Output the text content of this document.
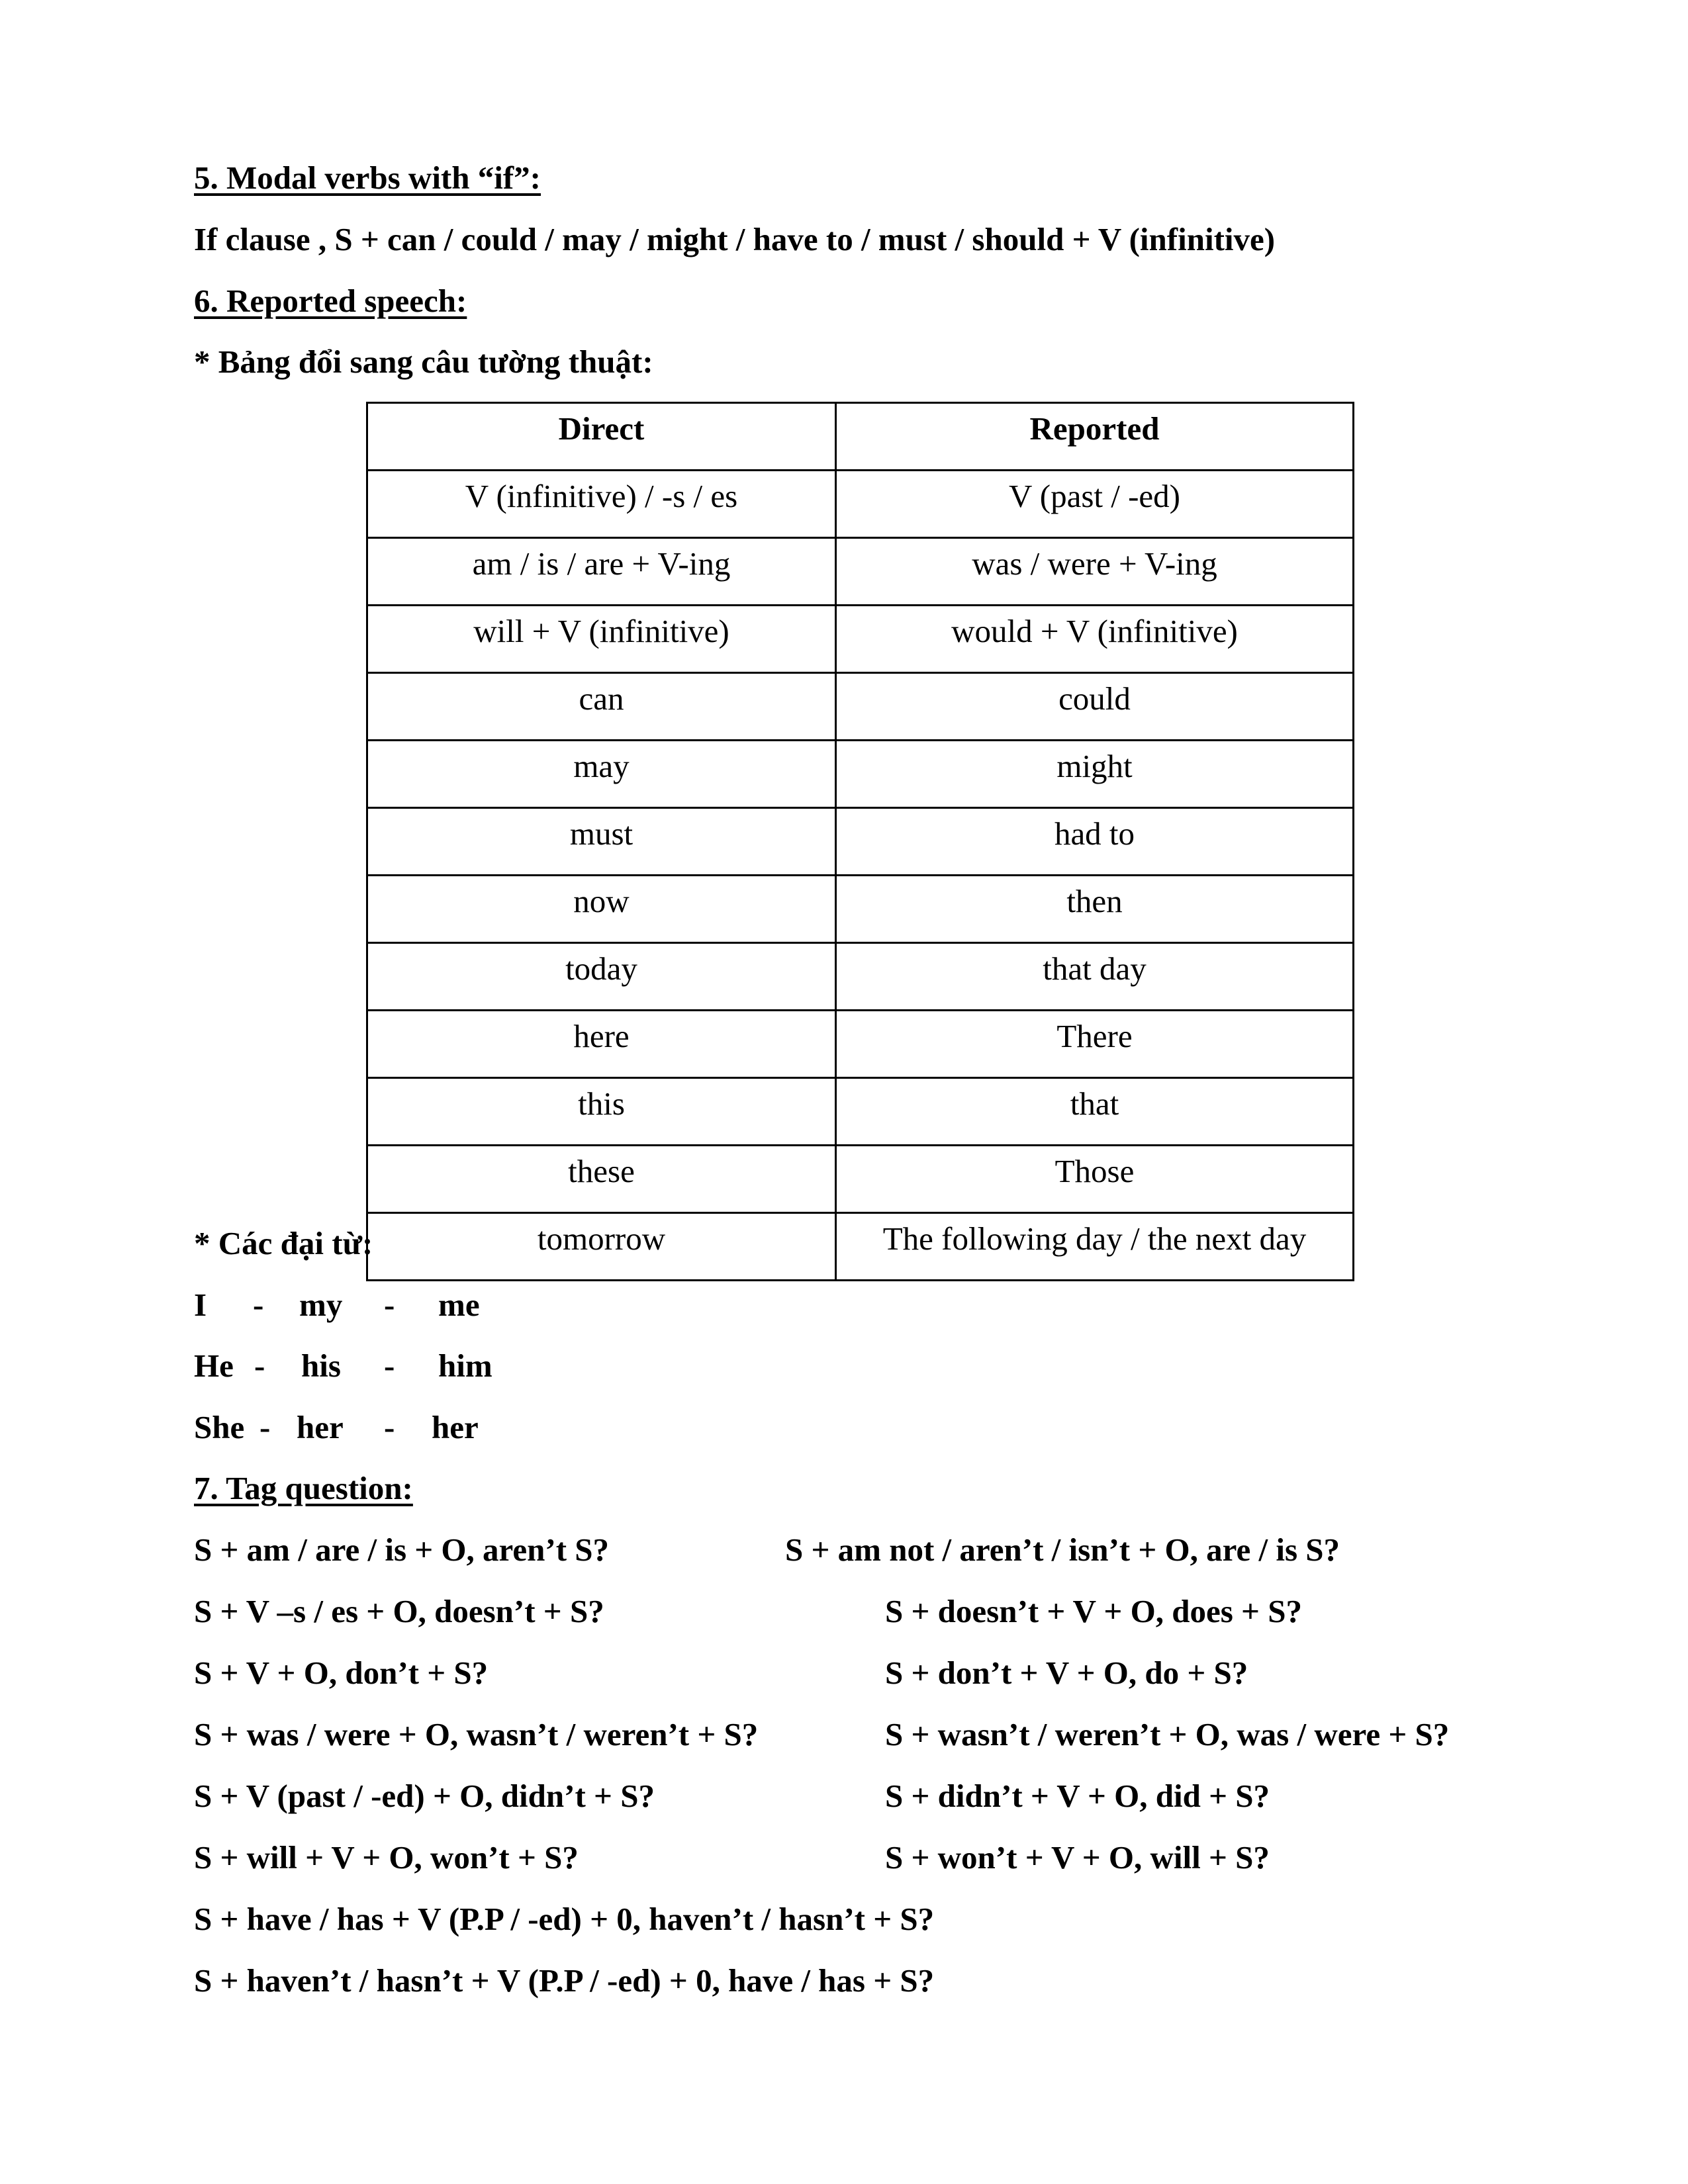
5. Modal verbs with “if”:
If clause , S + can / could / may / might / have to / must / should + V (infinitive)
6. Reported speech:
* Bảng đổi sang câu tường thuật:
Direct	Reported
V (infinitive) / -s / es	V (past / -ed)
am / is / are + V-ing	was / were + V-ing
will + V (infinitive)	would + V (infinitive)
can	could
may	might
must	had to
now	then
today	that day
here	There
this	that
these	Those
tomorrow	The following day / the next day
* Các đại từ:
I - my - me
He - his - him
She - her - her
7. Tag question:
S + am / are / is + O, aren’t S?	S + am not / aren’t / isn’t + O, are / is S?
S + V –s / es + O, doesn’t + S?	S + doesn’t + V + O, does + S?
S + V + O, don’t + S?	S + don’t + V + O, do + S?
S + was / were + O, wasn’t / weren’t + S?	S + wasn’t / weren’t + O, was / were + S?
S + V (past / -ed) + O, didn’t + S?	S + didn’t + V + O, did + S?
S + will + V + O, won’t + S?	S + won’t + V + O, will + S?
S + have / has + V (P.P / -ed) + 0, haven’t / hasn’t + S?
S + haven’t / hasn’t + V (P.P / -ed) + 0, have / has + S?
